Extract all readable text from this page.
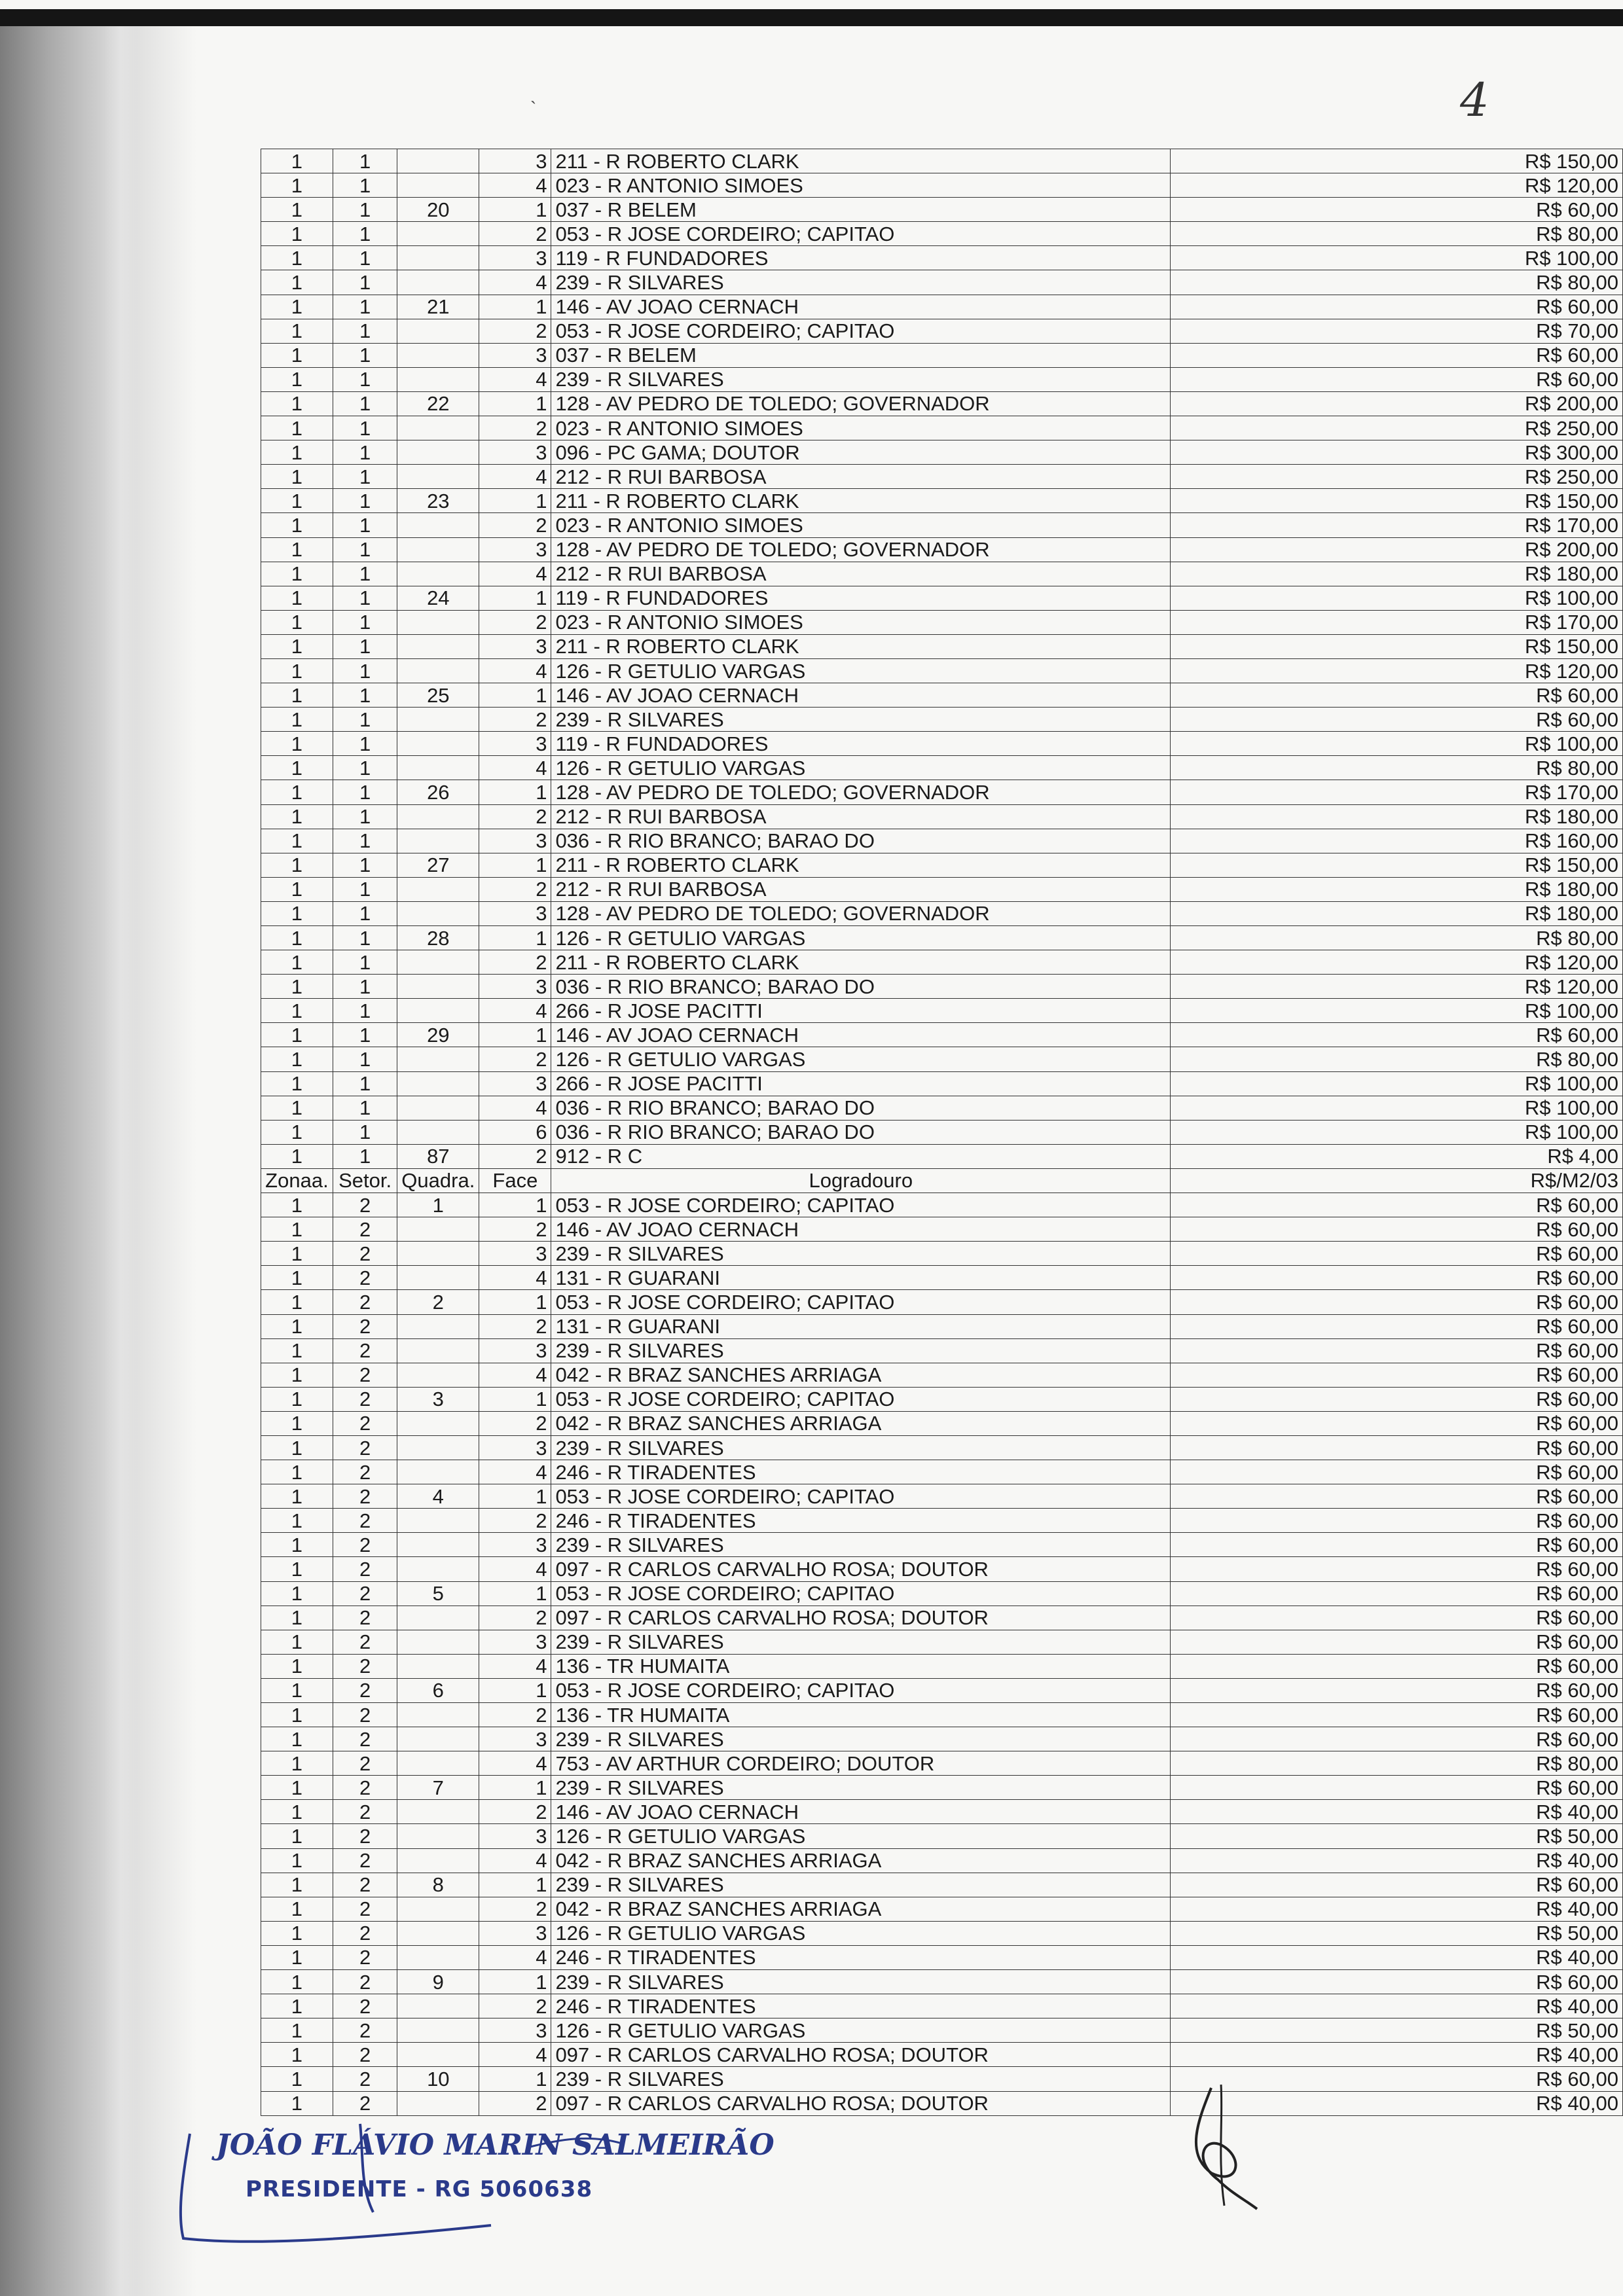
4
`
1	1		3	211 - R ROBERTO CLARK	R$ 150,00
1	1		4	023 - R ANTONIO SIMOES	R$ 120,00
1	1	20	1	037 - R BELEM	R$ 60,00
1	1		2	053 - R JOSE CORDEIRO; CAPITAO	R$ 80,00
1	1		3	119 - R FUNDADORES	R$ 100,00
1	1		4	239 - R SILVARES	R$ 80,00
1	1	21	1	146 - AV JOAO CERNACH	R$ 60,00
1	1		2	053 - R JOSE CORDEIRO; CAPITAO	R$ 70,00
1	1		3	037 - R BELEM	R$ 60,00
1	1		4	239 - R SILVARES	R$ 60,00
1	1	22	1	128 - AV PEDRO DE TOLEDO; GOVERNADOR	R$ 200,00
1	1		2	023 - R ANTONIO SIMOES	R$ 250,00
1	1		3	096 - PC GAMA; DOUTOR	R$ 300,00
1	1		4	212 - R RUI BARBOSA	R$ 250,00
1	1	23	1	211 - R ROBERTO CLARK	R$ 150,00
1	1		2	023 - R ANTONIO SIMOES	R$ 170,00
1	1		3	128 - AV PEDRO DE TOLEDO; GOVERNADOR	R$ 200,00
1	1		4	212 - R RUI BARBOSA	R$ 180,00
1	1	24	1	119 - R FUNDADORES	R$ 100,00
1	1		2	023 - R ANTONIO SIMOES	R$ 170,00
1	1		3	211 - R ROBERTO CLARK	R$ 150,00
1	1		4	126 - R GETULIO VARGAS	R$ 120,00
1	1	25	1	146 - AV JOAO CERNACH	R$ 60,00
1	1		2	239 - R SILVARES	R$ 60,00
1	1		3	119 - R FUNDADORES	R$ 100,00
1	1		4	126 - R GETULIO VARGAS	R$ 80,00
1	1	26	1	128 - AV PEDRO DE TOLEDO; GOVERNADOR	R$ 170,00
1	1		2	212 - R RUI BARBOSA	R$ 180,00
1	1		3	036 - R RIO BRANCO; BARAO DO	R$ 160,00
1	1	27	1	211 - R ROBERTO CLARK	R$ 150,00
1	1		2	212 - R RUI BARBOSA	R$ 180,00
1	1		3	128 - AV PEDRO DE TOLEDO; GOVERNADOR	R$ 180,00
1	1	28	1	126 - R GETULIO VARGAS	R$ 80,00
1	1		2	211 - R ROBERTO CLARK	R$ 120,00
1	1		3	036 - R RIO BRANCO; BARAO DO	R$ 120,00
1	1		4	266 - R JOSE PACITTI	R$ 100,00
1	1	29	1	146 - AV JOAO CERNACH	R$ 60,00
1	1		2	126 - R GETULIO VARGAS	R$ 80,00
1	1		3	266 - R JOSE PACITTI	R$ 100,00
1	1		4	036 - R RIO BRANCO; BARAO DO	R$ 100,00
1	1		6	036 - R RIO BRANCO; BARAO DO	R$ 100,00
1	1	87	2	912 - R C	R$ 4,00
Zonaa.	Setor.	Quadra.	Face	Logradouro	R$/M2/03
1	2	1	1	053 - R JOSE CORDEIRO; CAPITAO	R$ 60,00
1	2		2	146 - AV JOAO CERNACH	R$ 60,00
1	2		3	239 - R SILVARES	R$ 60,00
1	2		4	131 - R GUARANI	R$ 60,00
1	2	2	1	053 - R JOSE CORDEIRO; CAPITAO	R$ 60,00
1	2		2	131 - R GUARANI	R$ 60,00
1	2		3	239 - R SILVARES	R$ 60,00
1	2		4	042 - R BRAZ SANCHES ARRIAGA	R$ 60,00
1	2	3	1	053 - R JOSE CORDEIRO; CAPITAO	R$ 60,00
1	2		2	042 - R BRAZ SANCHES ARRIAGA	R$ 60,00
1	2		3	239 - R SILVARES	R$ 60,00
1	2		4	246 - R TIRADENTES	R$ 60,00
1	2	4	1	053 - R JOSE CORDEIRO; CAPITAO	R$ 60,00
1	2		2	246 - R TIRADENTES	R$ 60,00
1	2		3	239 - R SILVARES	R$ 60,00
1	2		4	097 - R CARLOS CARVALHO ROSA; DOUTOR	R$ 60,00
1	2	5	1	053 - R JOSE CORDEIRO; CAPITAO	R$ 60,00
1	2		2	097 - R CARLOS CARVALHO ROSA; DOUTOR	R$ 60,00
1	2		3	239 - R SILVARES	R$ 60,00
1	2		4	136 - TR HUMAITA	R$ 60,00
1	2	6	1	053 - R JOSE CORDEIRO; CAPITAO	R$ 60,00
1	2		2	136 - TR HUMAITA	R$ 60,00
1	2		3	239 - R SILVARES	R$ 60,00
1	2		4	753 - AV ARTHUR CORDEIRO; DOUTOR	R$ 80,00
1	2	7	1	239 - R SILVARES	R$ 60,00
1	2		2	146 - AV JOAO CERNACH	R$ 40,00
1	2		3	126 - R GETULIO VARGAS	R$ 50,00
1	2		4	042 - R BRAZ SANCHES ARRIAGA	R$ 40,00
1	2	8	1	239 - R SILVARES	R$ 60,00
1	2		2	042 - R BRAZ SANCHES ARRIAGA	R$ 40,00
1	2		3	126 - R GETULIO VARGAS	R$ 50,00
1	2		4	246 - R TIRADENTES	R$ 40,00
1	2	9	1	239 - R SILVARES	R$ 60,00
1	2		2	246 - R TIRADENTES	R$ 40,00
1	2		3	126 - R GETULIO VARGAS	R$ 50,00
1	2		4	097 - R CARLOS CARVALHO ROSA; DOUTOR	R$ 40,00
1	2	10	1	239 - R SILVARES	R$ 60,00
1	2		2	097 - R CARLOS CARVALHO ROSA; DOUTOR	R$ 40,00
JOÃO FLÁVIO MARIN SALMEIRÃO
PRESIDENTE - RG 5060638
